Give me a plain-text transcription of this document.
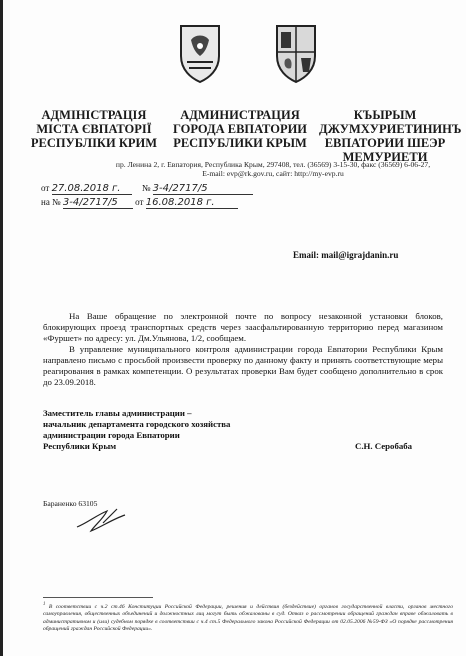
АДМІНІСТРАЦІЯ
МІСТА ЄВПАТОРІЇ
РЕСПУБЛІКИ КРИМ
АДМИНИСТРАЦИЯ
ГОРОДА ЕВПАТОРИИ
РЕСПУБЛИКИ КРЫМ
КЪЫРЫМ
ДЖУМХУРИЕТИНИНЪ
ЕВПАТОРИИ ШЕЭР
МЕМУРИЕТИ
пр. Ленина 2, г. Евпатория, Республика Крым, 297408, тел. (36569) 3-15-30, факс (36569) 6-06-27,
E-mail: evp@rk.gov.ru, сайт: http://my-evp.ru
от 27.08.2018 г. № 3-4/2717/5
на № 3-4/2717/5 от 16.08.2018 г.
Email: mail@igrajdanin.ru

На Ваше обращение по электронной почте по вопросу незаконной установки блоков, блокирующих проезд транспортных средств через заасфальтированную территорию перед магазином «Фуршет» по адресу: ул. Дм.Ульянова, 1/2, сообщаем.

В управление муниципального контроля администрации города Евпатории Республики Крым направлено письмо с просьбой произвести проверку по данному факту и принять соответствующие меры реагирования в рамках компетенции. О результатах проверки Вам будет сообщено дополнительно в срок до 23.09.2018.

Заместитель главы администрации –
начальник департамента городского хозяйства
администрации города Евпатории
Республики Крым	С.Н. Серобаба
Бараненко 63105
$^1$ В соответствии с ч.2 ст.46 Конституции Российской Федерации, решения и действия (бездействие) органов государственной власти, органов местного самоуправления, общественных объединений и должностных лиц могут быть обжалованы в суд. Отказ о рассмотрении обращений граждан вправе обжаловать в административном и (или) судебном порядке в соответствии с ч.4 ст.5 Федерального закона Российской Федерации от 02.05.2006 №59-ФЗ «О порядке рассмотрения обращений граждан Российской Федерации».
